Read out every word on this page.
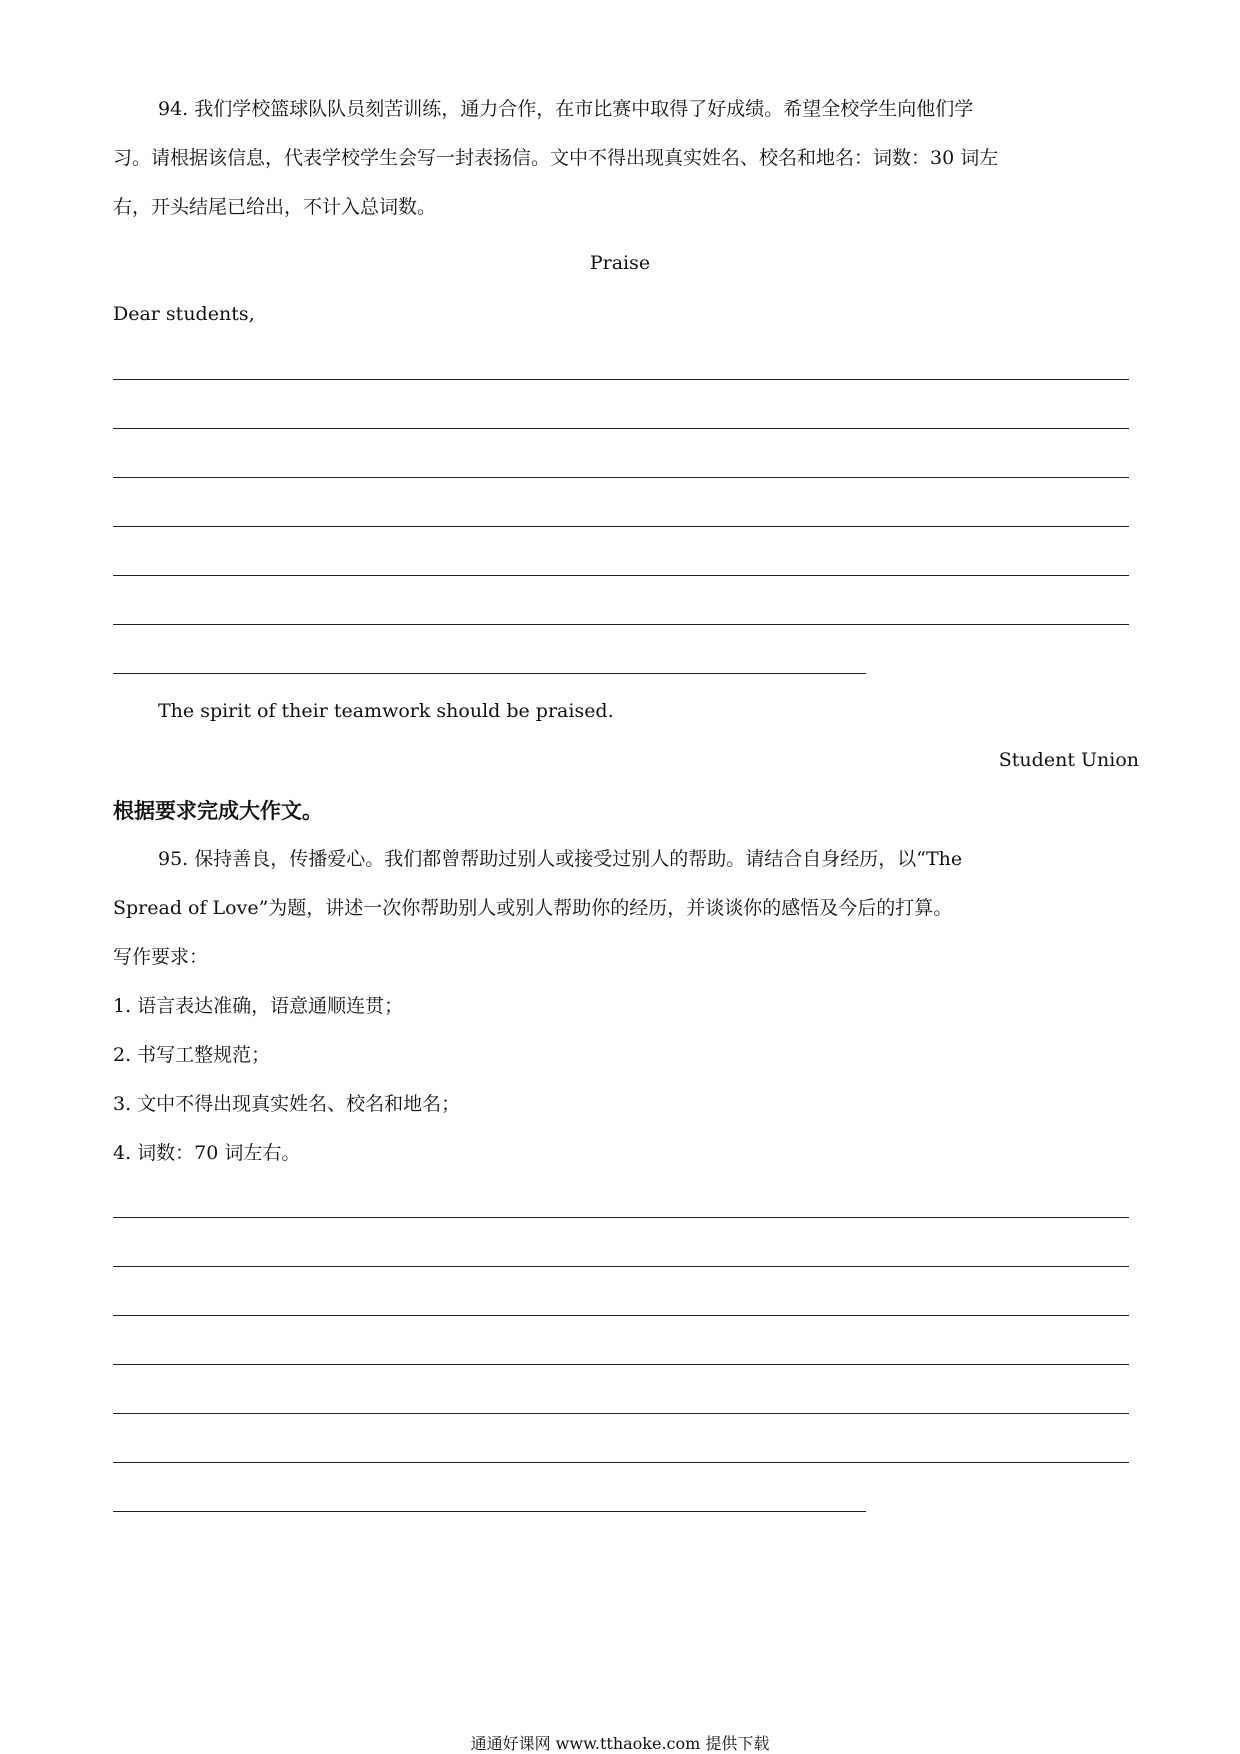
94. 我们学校篮球队队员刻苦训练，通力合作，在市比赛中取得了好成绩。希望全校学生向他们学
习。请根据该信息，代表学校学生会写一封表扬信。文中不得出现真实姓名、校名和地名：词数：30 词左
右，开头结尾已给出，不计入总词数。
Praise
Dear students,
The spirit of their teamwork should be praised.
Student Union
根据要求完成大作文。
95. 保持善良，传播爱心。我们都曾帮助过别人或接受过别人的帮助。请结合自身经历，以“The
Spread of Love”为题，讲述一次你帮助别人或别人帮助你的经历，并谈谈你的感悟及今后的打算。
写作要求：
1. 语言表达准确，语意通顺连贯；
2. 书写工整规范；
3. 文中不得出现真实姓名、校名和地名；
4. 词数：70 词左右。
通通好课网 www.tthaoke.com 提供下载
